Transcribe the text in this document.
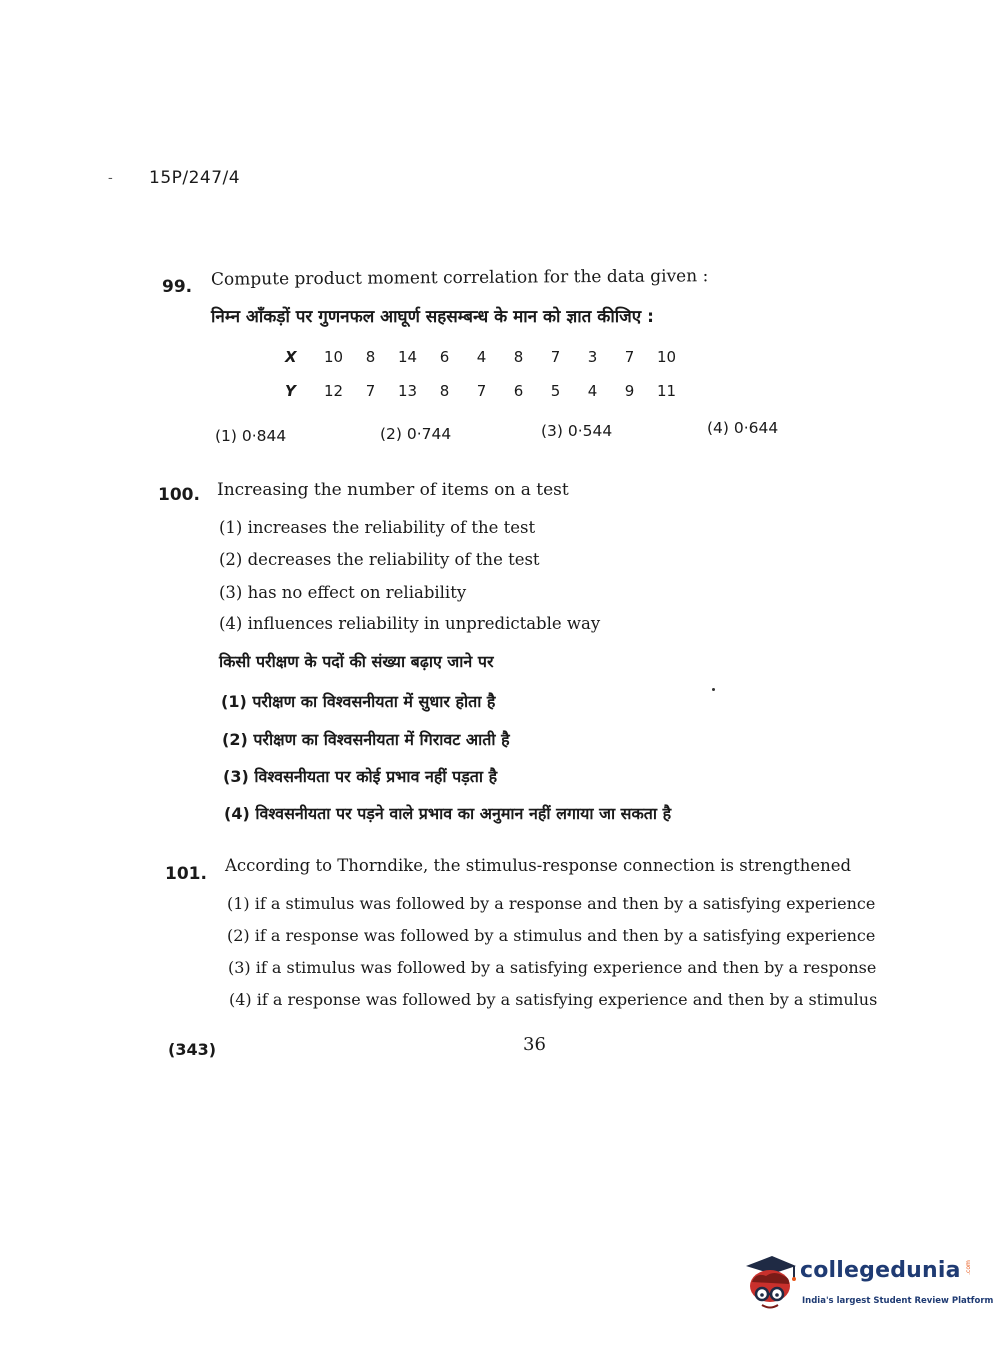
- 15P/247/4
99. Compute product moment correlation for the data given :
निम्न आँकड़ों पर गुणनफल आघूर्ण सहसम्बन्ध के मान को ज्ञात कीजिए :
X	10	8	14	6	4	8	7	3	7	10
Y	12	7	13	8	7	6	5	4	9	11
(1) 0·844	(2) 0·744	(3) 0·544	(4) 0·644
100. Increasing the number of items on a test
(1) increases the reliability of the test
(2) decreases the reliability of the test
(3) has no effect on reliability
(4) influences reliability in unpredictable way
किसी परीक्षण के पदों की संख्या बढ़ाए जाने पर
(1) परीक्षण का विश्वसनीयता में सुधार होता है
(2) परीक्षण का विश्वसनीयता में गिरावट आती है
(3) विश्वसनीयता पर कोई प्रभाव नहीं पड़ता है
(4) विश्वसनीयता पर पड़ने वाले प्रभाव का अनुमान नहीं लगाया जा सकता है
101. According to Thorndike, the stimulus-response connection is strengthened
(1) if a stimulus was followed by a response and then by a satisfying experience
(2) if a response was followed by a stimulus and then by a satisfying experience
(3) if a stimulus was followed by a satisfying experience and then by a response
(4) if a response was followed by a satisfying experience and then by a stimulus
(343)	36
collegedunia .com
India's largest Student Review Platform
